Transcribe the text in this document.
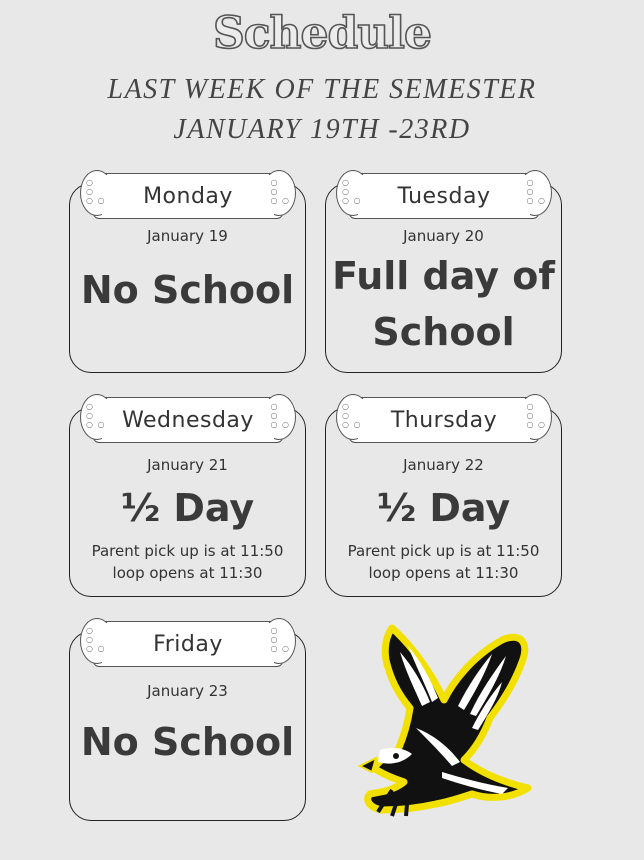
Schedule
LAST WEEK OF THE SEMESTER
JANUARY 19TH -23RD
January 19
No School
○
○
○ ○
○
○
○ ○
Monday
January 20
Full day of
School
○
○
○ ○
○
○
○ ○
Tuesday
January 21
½ Day
Parent pick up is at 11:50
loop opens at 11:30
○
○
○ ○
○
○
○ ○
Wednesday
January 22
½ Day
Parent pick up is at 11:50
loop opens at 11:30
○
○
○ ○
○
○
○ ○
Thursday
January 23
No School
○
○
○ ○
○
○
○ ○
Friday
